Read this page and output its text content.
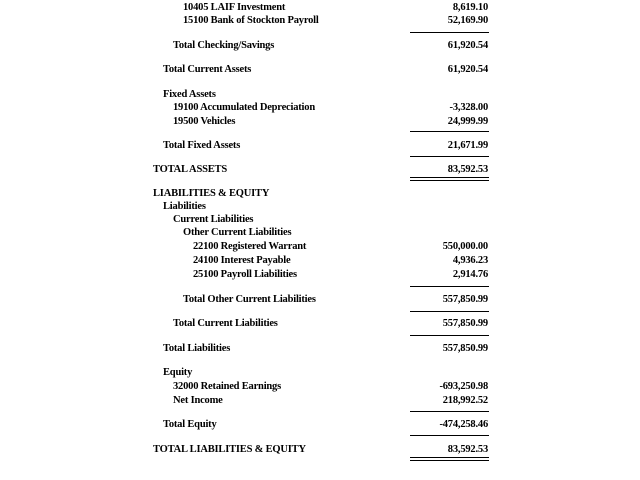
10405 LAIF Investment	8,619.10
15100 Bank of Stockton Payroll	52,169.90
Total Checking/Savings	61,920.54
Total Current Assets	61,920.54
Fixed Assets
19100 Accumulated Depreciation	-3,328.00
19500 Vehicles	24,999.99
Total Fixed Assets	21,671.99
TOTAL ASSETS	83,592.53
LIABILITIES & EQUITY
Liabilities
Current Liabilities
Other Current Liabilities
22100 Registered Warrant	550,000.00
24100 Interest Payable	4,936.23
25100 Payroll Liabilities	2,914.76
Total Other Current Liabilities	557,850.99
Total Current Liabilities	557,850.99
Total Liabilities	557,850.99
Equity
32000 Retained Earnings	-693,250.98
Net Income	218,992.52
Total Equity	-474,258.46
TOTAL LIABILITIES & EQUITY	83,592.53
